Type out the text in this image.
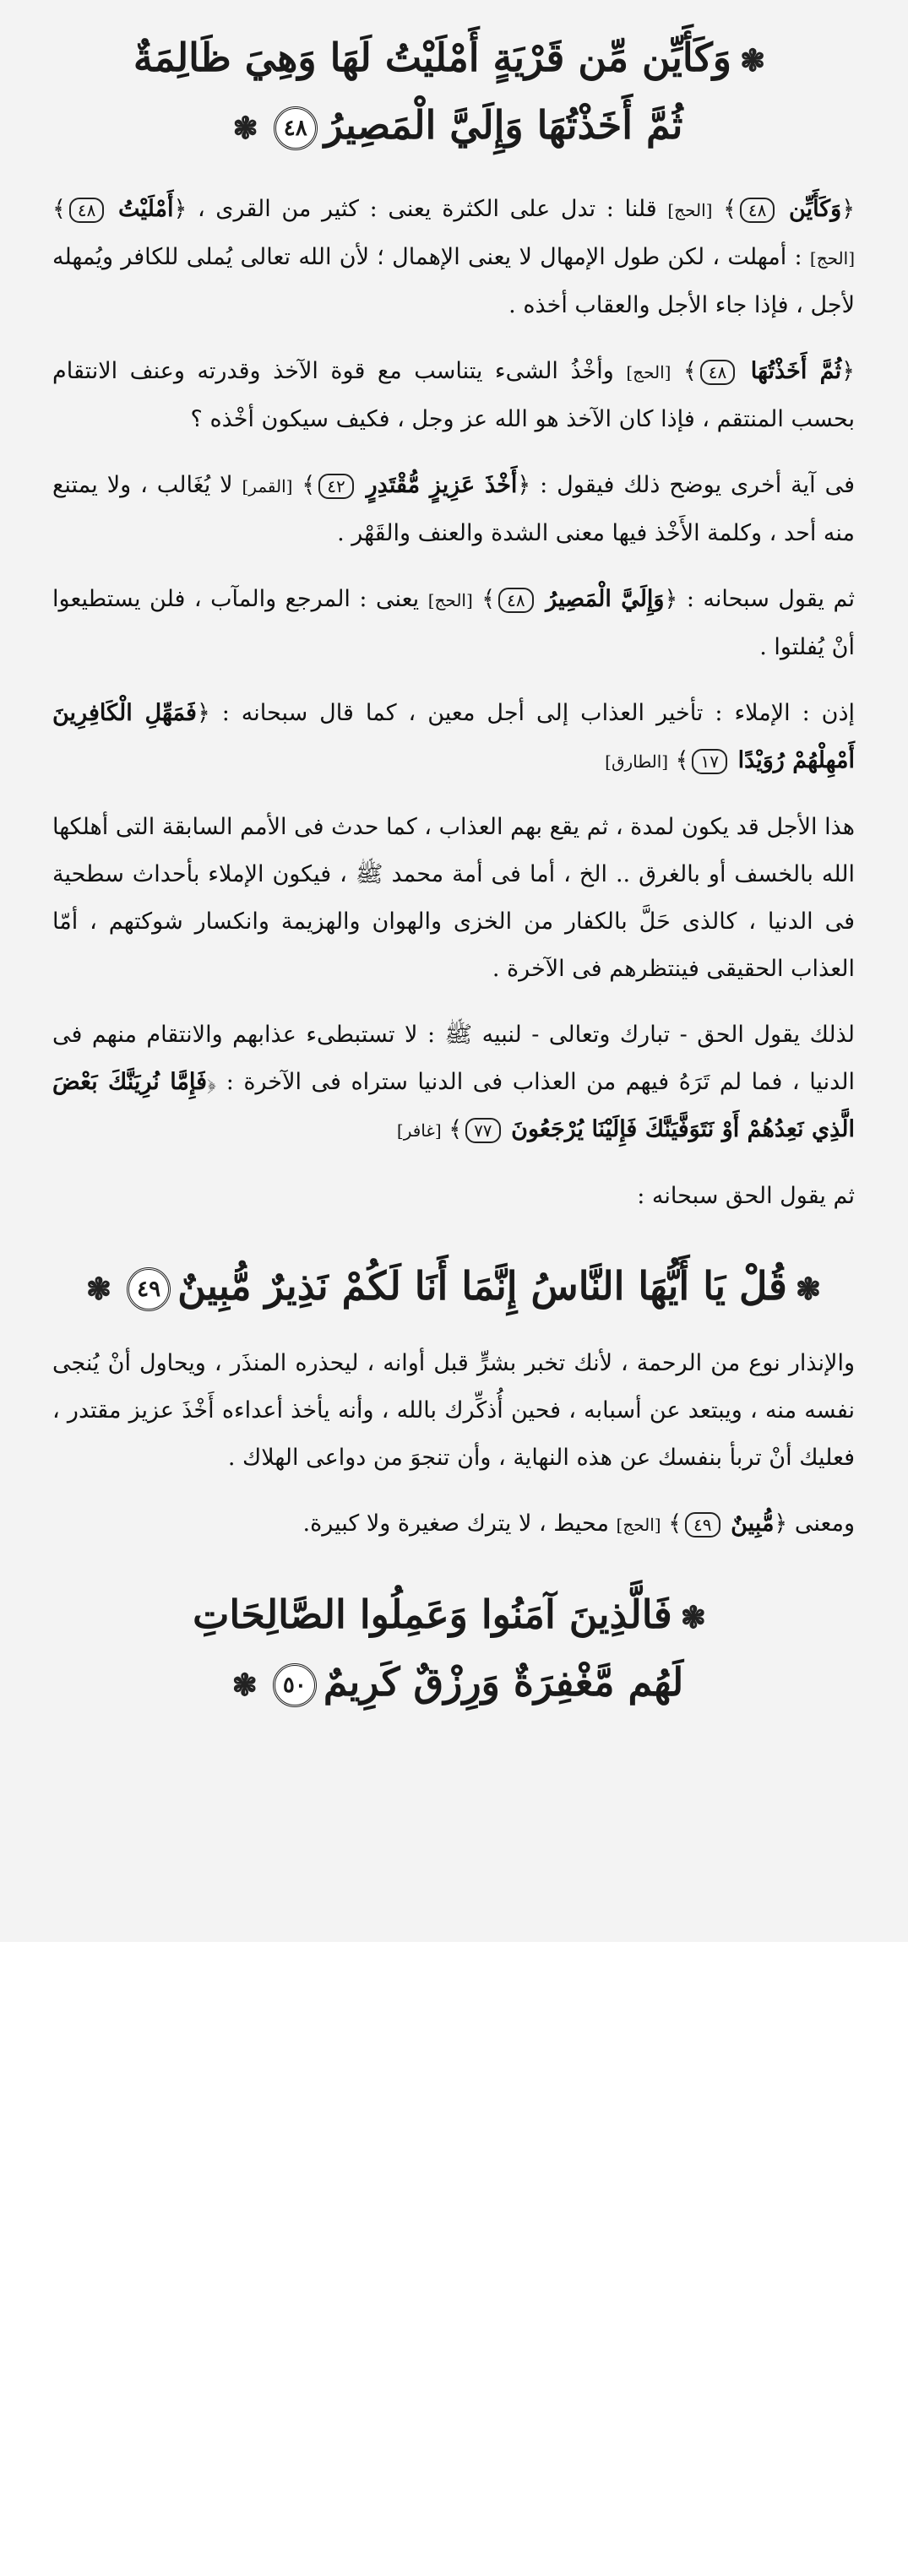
❃وَكَأَيِّن مِّن قَرْيَةٍ أَمْلَيْتُ لَهَا وَهِيَ ظَالِمَةٌ
ثُمَّ أَخَذْتُهَا وَإِلَيَّ الْمَصِيرُ٤٨❃

﴿وَكَأَيِّن ٤٨﴾ [الحج] قلنا : تدل على الكثرة يعنى : كثير من القرى ، ﴿أَمْلَيْتُ ٤٨﴾ [الحج] : أمهلت ، لكن طول الإمهال لا يعنى الإهمال ؛ لأن الله تعالى يُملى للكافر ويُمهله لأجل ، فإذا جاء الأجل والعقاب أخذه .

﴿ثُمَّ أَخَذْتُهَا ٤٨﴾ [الحج] وأخْذُ الشىء يتناسب مع قوة الآخذ وقدرته وعنف الانتقام بحسب المنتقم ، فإذا كان الآخذ هو الله عز وجل ، فكيف سيكون أخْذه ؟

فى آية أخرى يوضح ذلك فيقول : ﴿أَخْذَ عَزِيزٍ مُّقْتَدِرٍ ٤٢﴾ [القمر] لا يُغَالب ، ولا يمتنع منه أحد ، وكلمة الأَخْذ فيها معنى الشدة والعنف والقَهْر .

ثم يقول سبحانه : ﴿وَإِلَيَّ الْمَصِيرُ ٤٨﴾ [الحج] يعنى : المرجع والمآب ، فلن يستطيعوا أنْ يُفلتوا .

إذن : الإملاء : تأخير العذاب إلى أجل معين ، كما قال سبحانه : ﴿فَمَهِّلِ الْكَافِرِينَ أَمْهِلْهُمْ رُوَيْدًا ١٧﴾ [الطارق]

هذا الأجل قد يكون لمدة ، ثم يقع بهم العذاب ، كما حدث فى الأمم السابقة التى أهلكها الله بالخسف أو بالغرق .. الخ ، أما فى أمة محمد ﷺ ، فيكون الإملاء بأحداث سطحية فى الدنيا ، كالذى حَلَّ بالكفار من الخزى والهوان والهزيمة وانكسار شوكتهم ، أمّا العذاب الحقيقى فينتظرهم فى الآخرة .

لذلك يقول الحق - تبارك وتعالى - لنبيه ﷺ : لا تستبطىء عذابهم والانتقام منهم فى الدنيا ، فما لم تَرَهُ فيهم من العذاب فى الدنيا ستراه فى الآخرة : ﴿فَإِمَّا نُرِيَنَّكَ بَعْضَ الَّذِي نَعِدُهُمْ أَوْ نَتَوَفَّيَنَّكَ فَإِلَيْنَا يُرْجَعُونَ ٧٧﴾ [غافر]

ثم يقول الحق سبحانه :

❃قُلْ يَا أَيُّهَا النَّاسُ إِنَّمَا أَنَا لَكُمْ نَذِيرٌ مُّبِينٌ٤٩❃

والإنذار نوع من الرحمة ، لأنك تخبر بشرٍّ قبل أوانه ، ليحذره المنذَر ، ويحاول أنْ يُنجى نفسه منه ، ويبتعد عن أسبابه ، فحين أُذكِّرك بالله ، وأنه يأخذ أعداءه أَخْذَ عزيز مقتدر ، فعليك أنْ تربأ بنفسك عن هذه النهاية ، وأن تنجوَ من دواعى الهلاك .

ومعنى ﴿مُّبِينٌ ٤٩﴾ [الحج] محيط ، لا يترك صغيرة ولا كبيرة.

❃فَالَّذِينَ آمَنُوا وَعَمِلُوا الصَّالِحَاتِ
لَهُم مَّغْفِرَةٌ وَرِزْقٌ كَرِيمٌ٥٠❃
